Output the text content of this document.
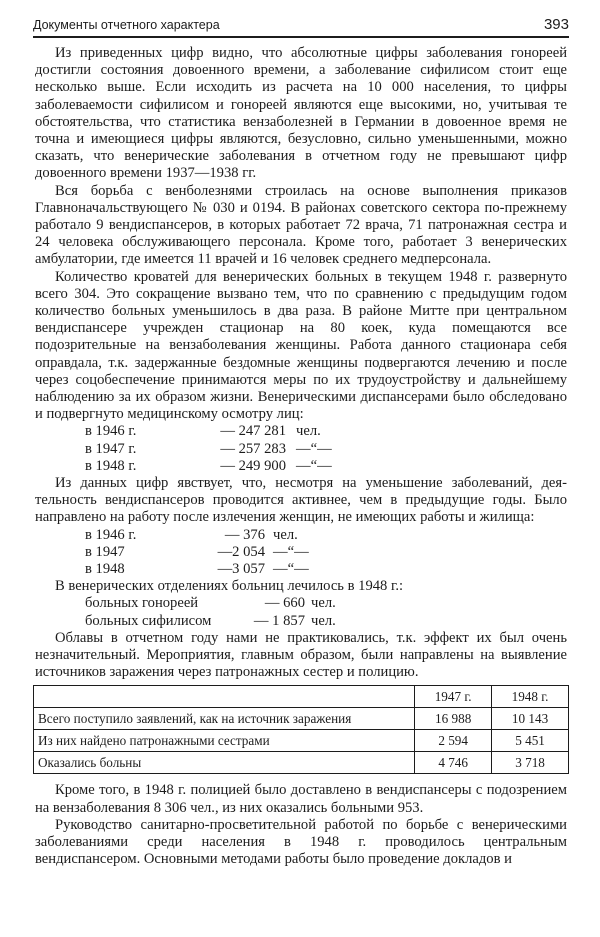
Документы отчетного характера	393

Из приведенных цифр видно, что абсолютные цифры заболевания гонореей достигли состояния довоенного времени, а заболевание сифилисом стоит еще несколько выше. Если исходить из расчета на 10 000 населения, то цифры заболеваемости сифилисом и гонореей являются еще высокими, но, учитывая те обстоятельства, что статистика вензаболезней в Германии в довоенное время не точна и имеющиеся цифры являются, безусловно, сильно уменьшенными, можно сказать, что венерические заболевания в отчетном году не превышают цифр довоенного времени 1937—1938 гг.

Вся борьба с венболезнями строилась на основе выполнения приказов Главноначальствующего № 030 и 0194. В районах советского сектора по-прежнему работало 9 вендиспансеров, в которых работает 72 врача, 71 патронажная сестра и 24 человека обслуживающего персонала. Кроме того, работает 3 венерических амбулатории, где имеется 11 врачей и 16 человек среднего медперсонала.

Количество кроватей для венерических больных в текущем 1948 г. развернуто всего 304. Это сокращение вызвано тем, что по сравнению с предыдущим годом количество больных уменьшилось в два раза. В районе Митте при центральном вендиспансере учрежден стационар на 80 коек, куда помещаются все подозрительные на вензаболевания женщины. Работа данного стационара себя оправдала, т.к. задержанные бездомные женщины подвергаются лечению и после через соцобеспечение принимаются меры по их трудоустройству и дальнейшему наблюдению за их образом жизни. Венерическими диспансерами было обследовано и подвергнуто медицинскому осмотру лиц:

в 1946 г.	— 247 281 чел.
в 1947 г.	— 257 283 —“—
в 1948 г.	— 249 900 —“—

Из данных цифр явствует, что, несмотря на уменьшение заболеваний, деятельность вендиспансеров проводится активнее, чем в предыдущие годы. Было направлено на работу после излечения женщин, не имеющих работы и жилища:

в 1946 г.	— 376 чел.
в 1947	—2 054 —“—
в 1948	—3 057 —“—

В венерических отделениях больниц лечилось в 1948 г.:

больных гонореей	— 660 чел.
больных сифилисом	— 1 857 чел.

Облавы в отчетном году нами не практиковались, т.к. эффект их был очень незначительный. Мероприятия, главным образом, были направлены на выявление источников заражения через патронажных сестер и полицию.

	1947 г.	1948 г.
Всего поступило заявлений, как на источник заражения	16 988	10 143
Из них найдено патронажными сестрами	2 594	5 451
Оказались больны	4 746	3 718

Кроме того, в 1948 г. полицией было доставлено в вендиспансеры с подозрением на вензаболевания 8 306 чел., из них оказались больными 953.

Руководство санитарно-просветительной работой по борьбе с венерическими заболеваниями среди населения в 1948 г. проводилось центральным вендиспансером. Основными методами работы было проведение докладов и
